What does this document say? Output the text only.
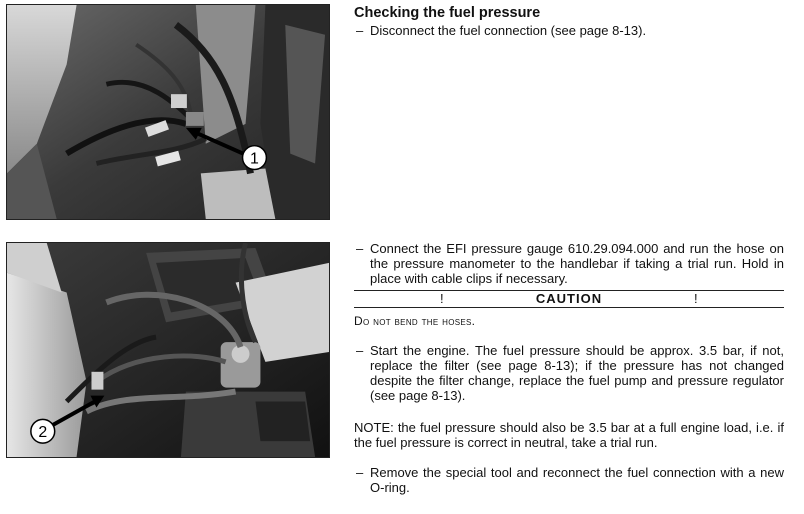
1
2
Checking the fuel pressure
– Disconnect the fuel connection (see page 8-13).
– Connect the EFI pressure gauge 610.29.094.000 and run the hose on the pressure manometer to the handlebar if taking a trial run. Hold in place with cable clips if necessary.
!	CAUTION	!
Do not bend the hoses.
– Start the engine. The fuel pressure should be approx. 3.5 bar, if not, replace the filter (see page 8-13); if the pressure has not changed despite the filter change, replace the fuel pump and pressure regulator (see page 8-13).
NOTE: the fuel pressure should also be 3.5 bar at a full engine load, i.e. if the fuel pressure is correct in neutral, take a trial run.
– Remove the special tool and reconnect the fuel connection with a new O-ring.
